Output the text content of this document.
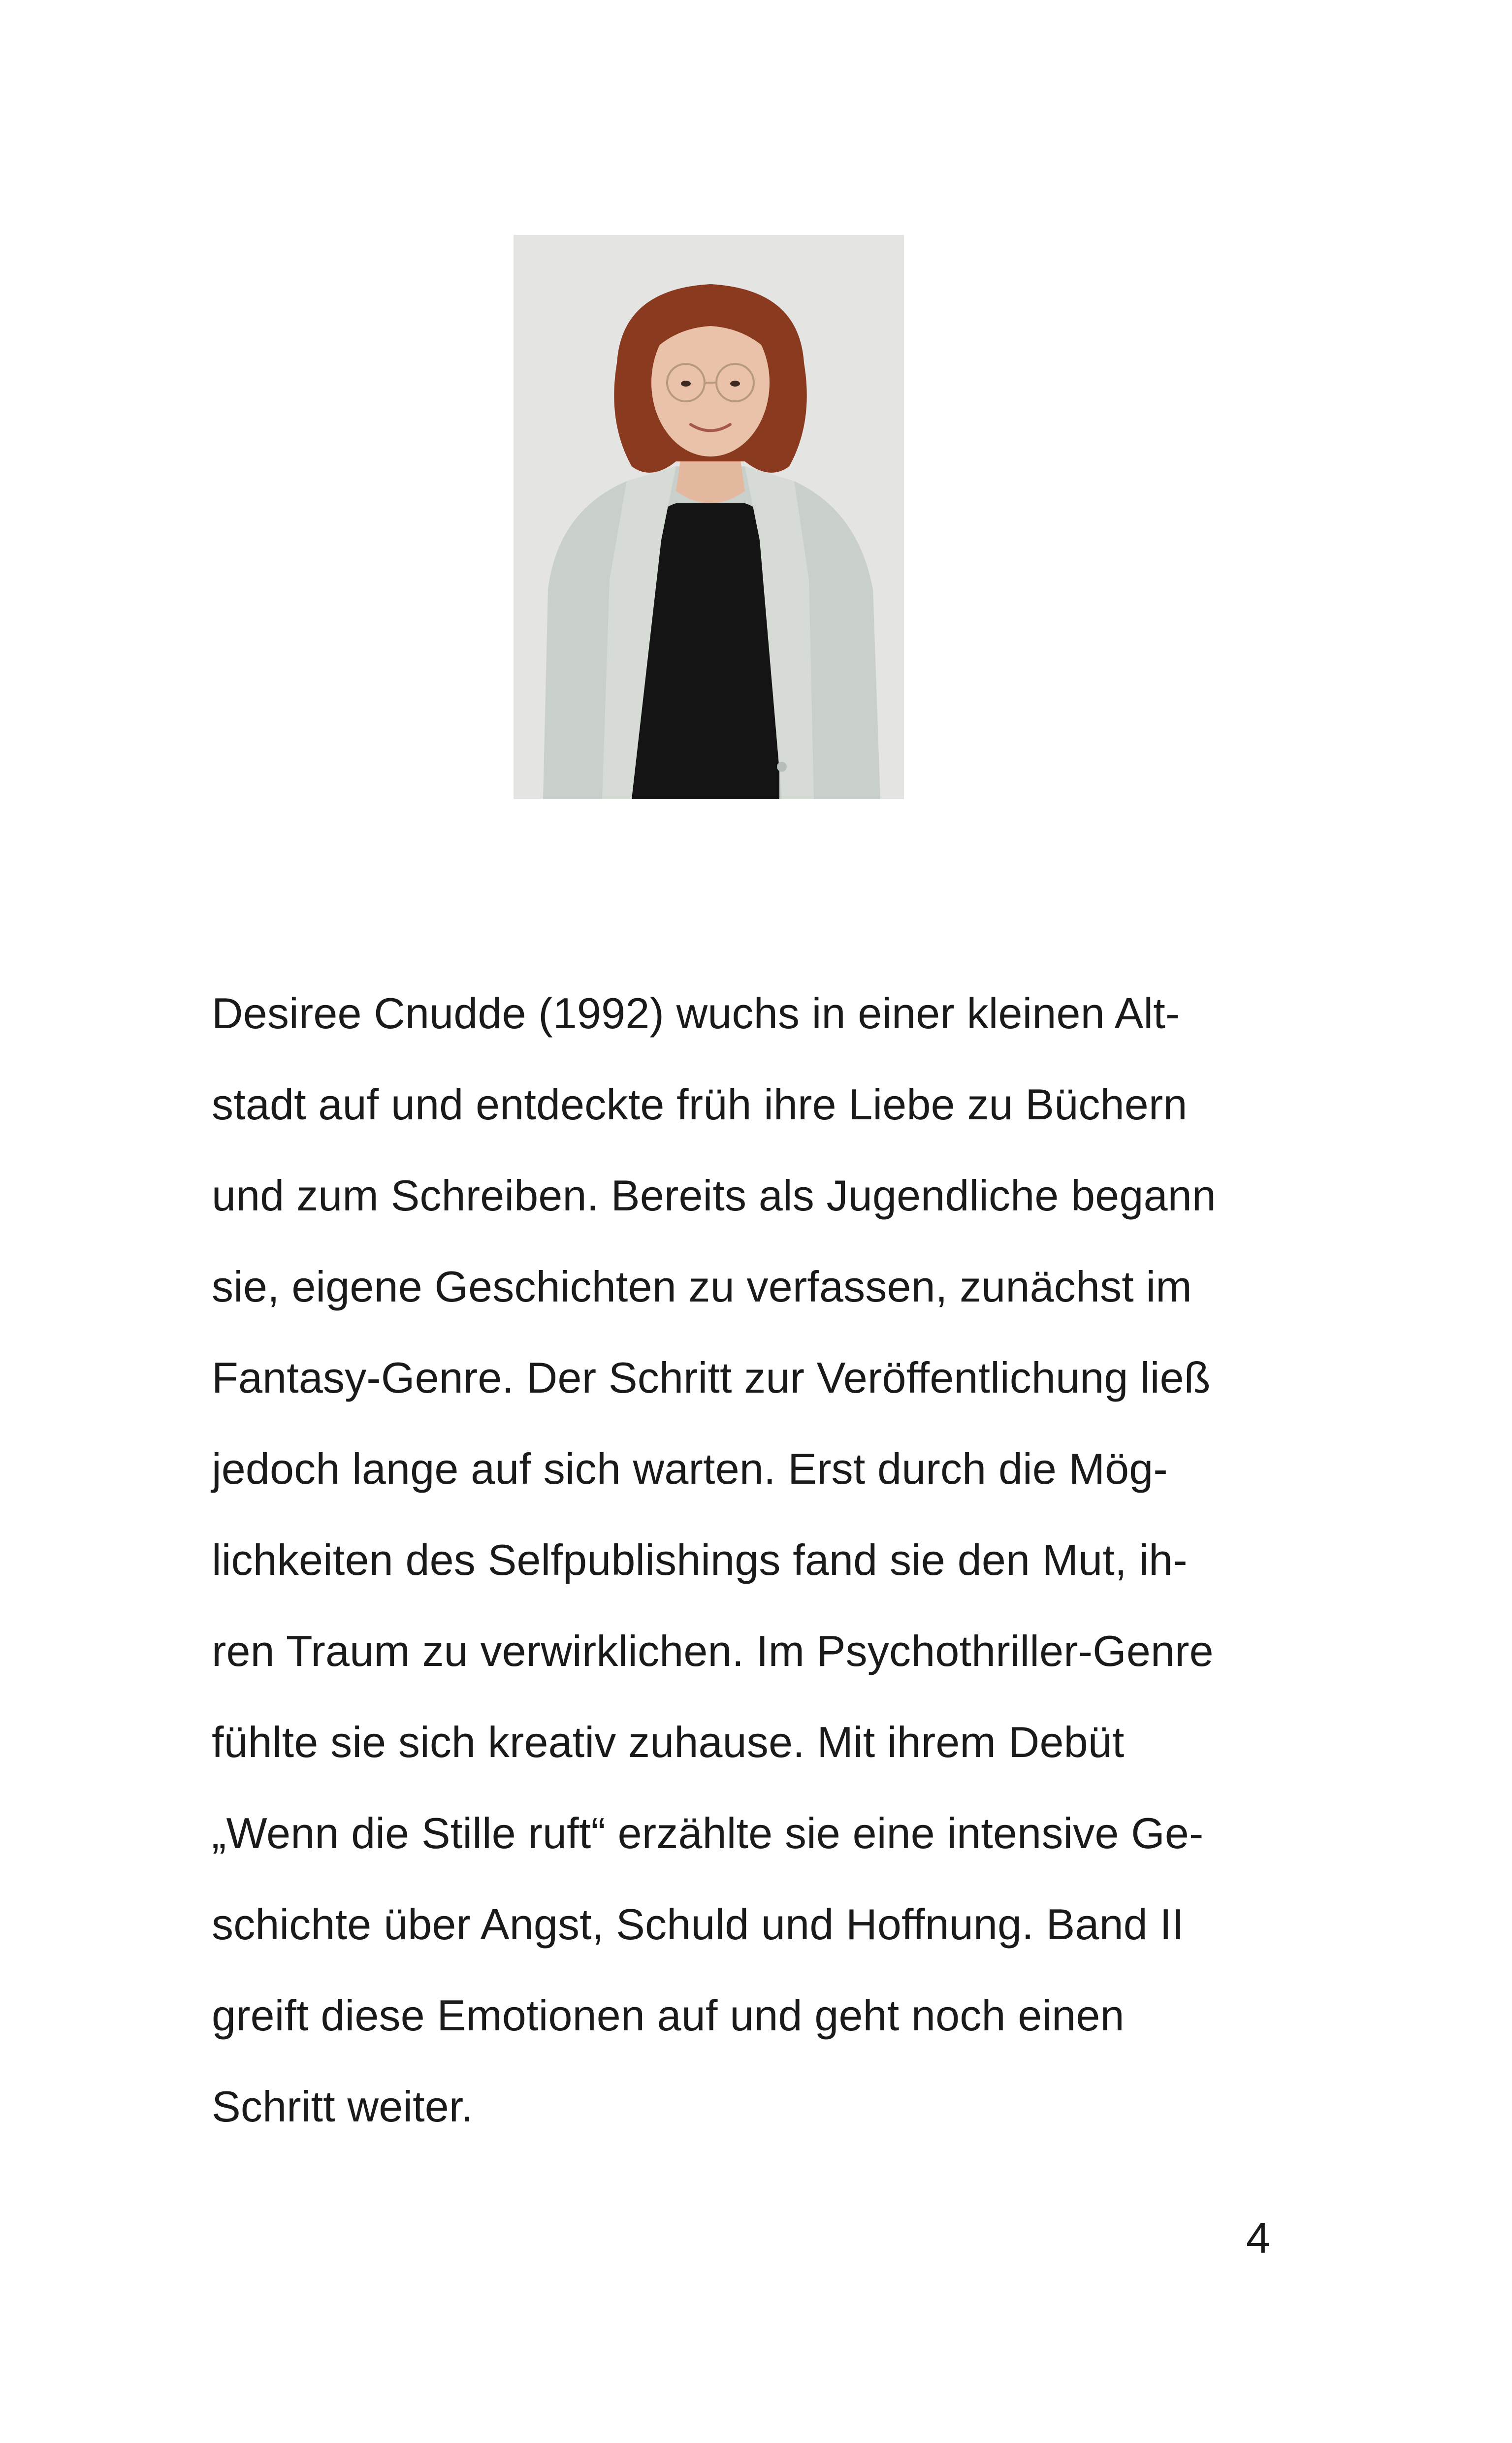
Desiree Cnudde (1992) wuchs in einer kleinen Alt-
stadt auf und entdeckte früh ihre Liebe zu Büchern
und zum Schreiben. Bereits als Jugendliche begann
sie, eigene Geschichten zu verfassen, zunächst im
Fantasy-Genre. Der Schritt zur Veröffentlichung ließ
jedoch lange auf sich warten. Erst durch die Mög-
lichkeiten des Selfpublishings fand sie den Mut, ih-
ren Traum zu verwirklichen. Im Psychothriller-Genre
fühlte sie sich kreativ zuhause. Mit ihrem Debüt
„Wenn die Stille ruft“ erzählte sie eine intensive Ge-
schichte über Angst, Schuld und Hoffnung. Band II
greift diese Emotionen auf und geht noch einen
Schritt weiter.
4
